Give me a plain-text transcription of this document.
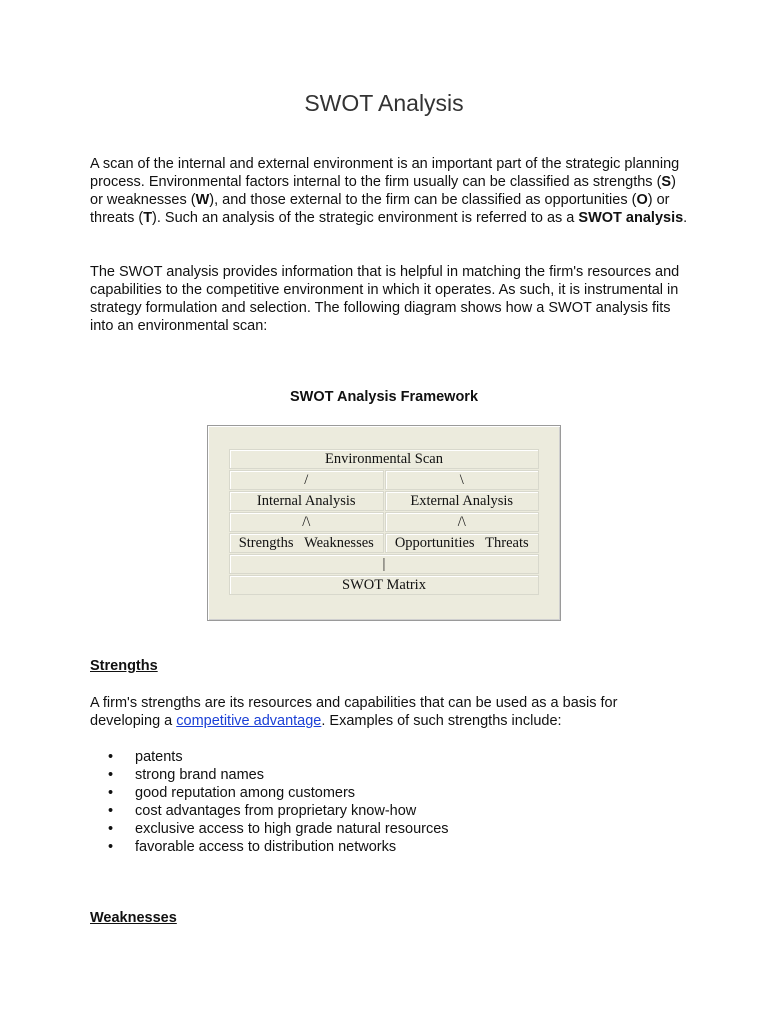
SWOT Analysis

A scan of the internal and external environment is an important part of the strategic planning process. Environmental factors internal to the firm usually can be classified as strengths (S) or weaknesses (W), and those external to the firm can be classified as opportunities (O) or threats (T). Such an analysis of the strategic environment is referred to as a SWOT analysis.

The SWOT analysis provides information that is helpful in matching the firm's resources and capabilities to the competitive environment in which it operates. As such, it is instrumental in strategy formulation and selection. The following diagram shows how a SWOT analysis fits into an environmental scan:

SWOT Analysis Framework
Environmental Scan	
/	\
Internal Analysis	External Analysis
/\	/\
Strengths   Weaknesses	Opportunities   Threats
|	
SWOT Matrix	
Strengths

A firm's strengths are its resources and capabilities that can be used as a basis for developing a competitive advantage. Examples of such strengths include:

• patents
• strong brand names
• good reputation among customers
• cost advantages from proprietary know-how
• exclusive access to high grade natural resources
• favorable access to distribution networks
Weaknesses
